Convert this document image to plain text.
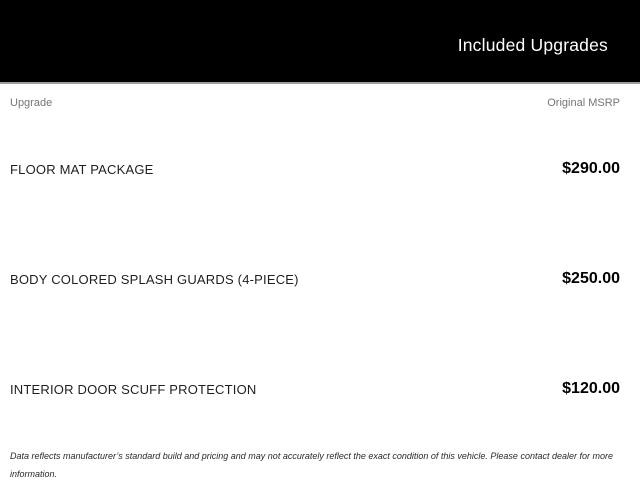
Included Upgrades
Upgrade	Original MSRP
FLOOR MAT PACKAGE	$290.00
BODY COLORED SPLASH GUARDS (4-PIECE)	$250.00
INTERIOR DOOR SCUFF PROTECTION	$120.00
Data reflects manufacturer’s standard build and pricing and may not accurately reflect the exact condition of this vehicle. Please contact dealer for more information.
